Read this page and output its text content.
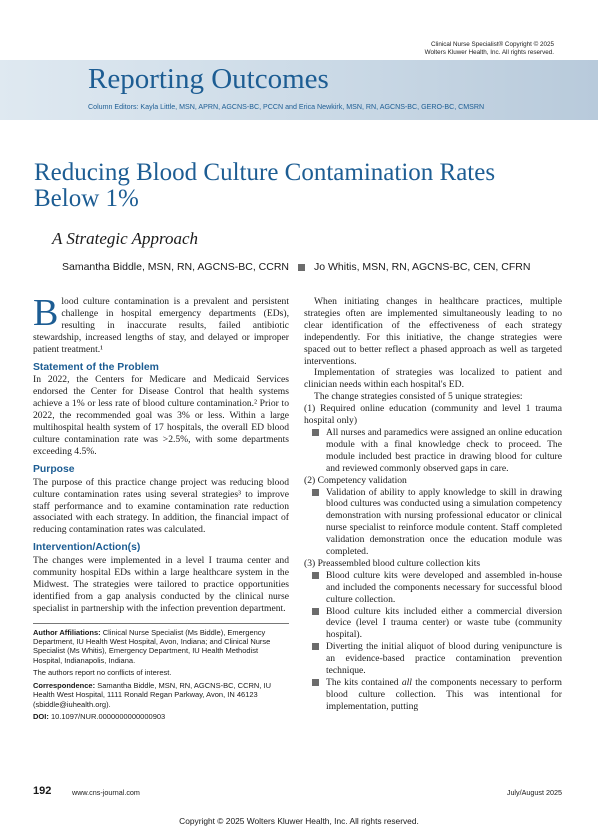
Clinical Nurse Specialist® Copyright © 2025
Wolters Kluwer Health, Inc. All rights reserved.
Reporting Outcomes
Column Editors: Kayla Little, MSN, APRN, AGCNS-BC, PCCN and Erica Newkirk, MSN, RN, AGCNS-BC, GERO-BC, CMSRN
Reducing Blood Culture Contamination Rates Below 1%
A Strategic Approach
Samantha Biddle, MSN, RN, AGCNS-BC, CCRN Jo Whitis, MSN, RN, AGCNS-BC, CEN, CFRN

Blood culture contamination is a prevalent and persistent challenge in hospital emergency departments (EDs), resulting in inaccurate results, failed antibiotic stewardship, increased lengths of stay, and delayed or improper patient treatment.¹

Statement of the Problem

In 2022, the Centers for Medicare and Medicaid Services endorsed the Center for Disease Control that health systems achieve a 1% or less rate of blood culture contamination.² Prior to 2022, the recommended goal was 3% or less. Within a large multihospital health system of 17 hospitals, the overall ED blood culture contamination rate was >2.5%, with some departments exceeding 4.5%.

Purpose

The purpose of this practice change project was reducing blood culture contamination rates using several strategies³ to improve staff performance and to examine contamination rate reduction associated with each strategy. In addition, the financial impact of reducing contamination rates was calculated.

Intervention/Action(s)

The changes were implemented in a level I trauma center and community hospital EDs within a large healthcare system in the Midwest. The strategies were tailored to practice opportunities identified from a gap analysis conducted by the clinical nurse specialist in partnership with the infection prevention department.

Author Affiliations: Clinical Nurse Specialist (Ms Biddle), Emergency Department, IU Health West Hospital, Avon, Indiana; and Clinical Nurse Specialist (Ms Whitis), Emergency Department, IU Health Methodist Hospital, Indianapolis, Indiana.

The authors report no conflicts of interest.

Correspondence: Samantha Biddle, MSN, RN, AGCNS-BC, CCRN, IU Health West Hospital, 1111 Ronald Regan Parkway, Avon, IN 46123 (sbiddle@iuhealth.org).

DOI: 10.1097/NUR.0000000000000903

When initiating changes in healthcare practices, multiple strategies often are implemented simultaneously leading to no clear identification of the effectiveness of each strategy independently. For this initiative, the change strategies were spaced out to better reflect a phased approach as well as targeted interventions.

Implementation of strategies was localized to patient and clinician needs within each hospital's ED.

The change strategies consisted of 5 unique strategies:

(1) Required online education (community and level 1 trauma hospital only)

All nurses and paramedics were assigned an online education module with a final knowledge check to proceed. The module included best practice in drawing blood for culture and reviewed commonly observed gaps in care.

(2) Competency validation

Validation of ability to apply knowledge to skill in drawing blood cultures was conducted using a simulation competency demonstration with nursing professional educator or clinical nurse specialist to reinforce module content. Staff completed validation demonstration once the education module was completed.

(3) Preassembled blood culture collection kits

Blood culture kits were developed and assembled in-house and included the components necessary for successful blood culture collection.

Blood culture kits included either a commercial diversion device (level I trauma center) or waste tube (community hospital).

Diverting the initial aliquot of blood during venipuncture is an evidence-based practice contamination prevention technique.

The kits contained all the components necessary to perform blood culture collection. This was intentional for implementation, putting

192	www.cns-journal.com	July/August 2025
Copyright © 2025 Wolters Kluwer Health, Inc. All rights reserved.
